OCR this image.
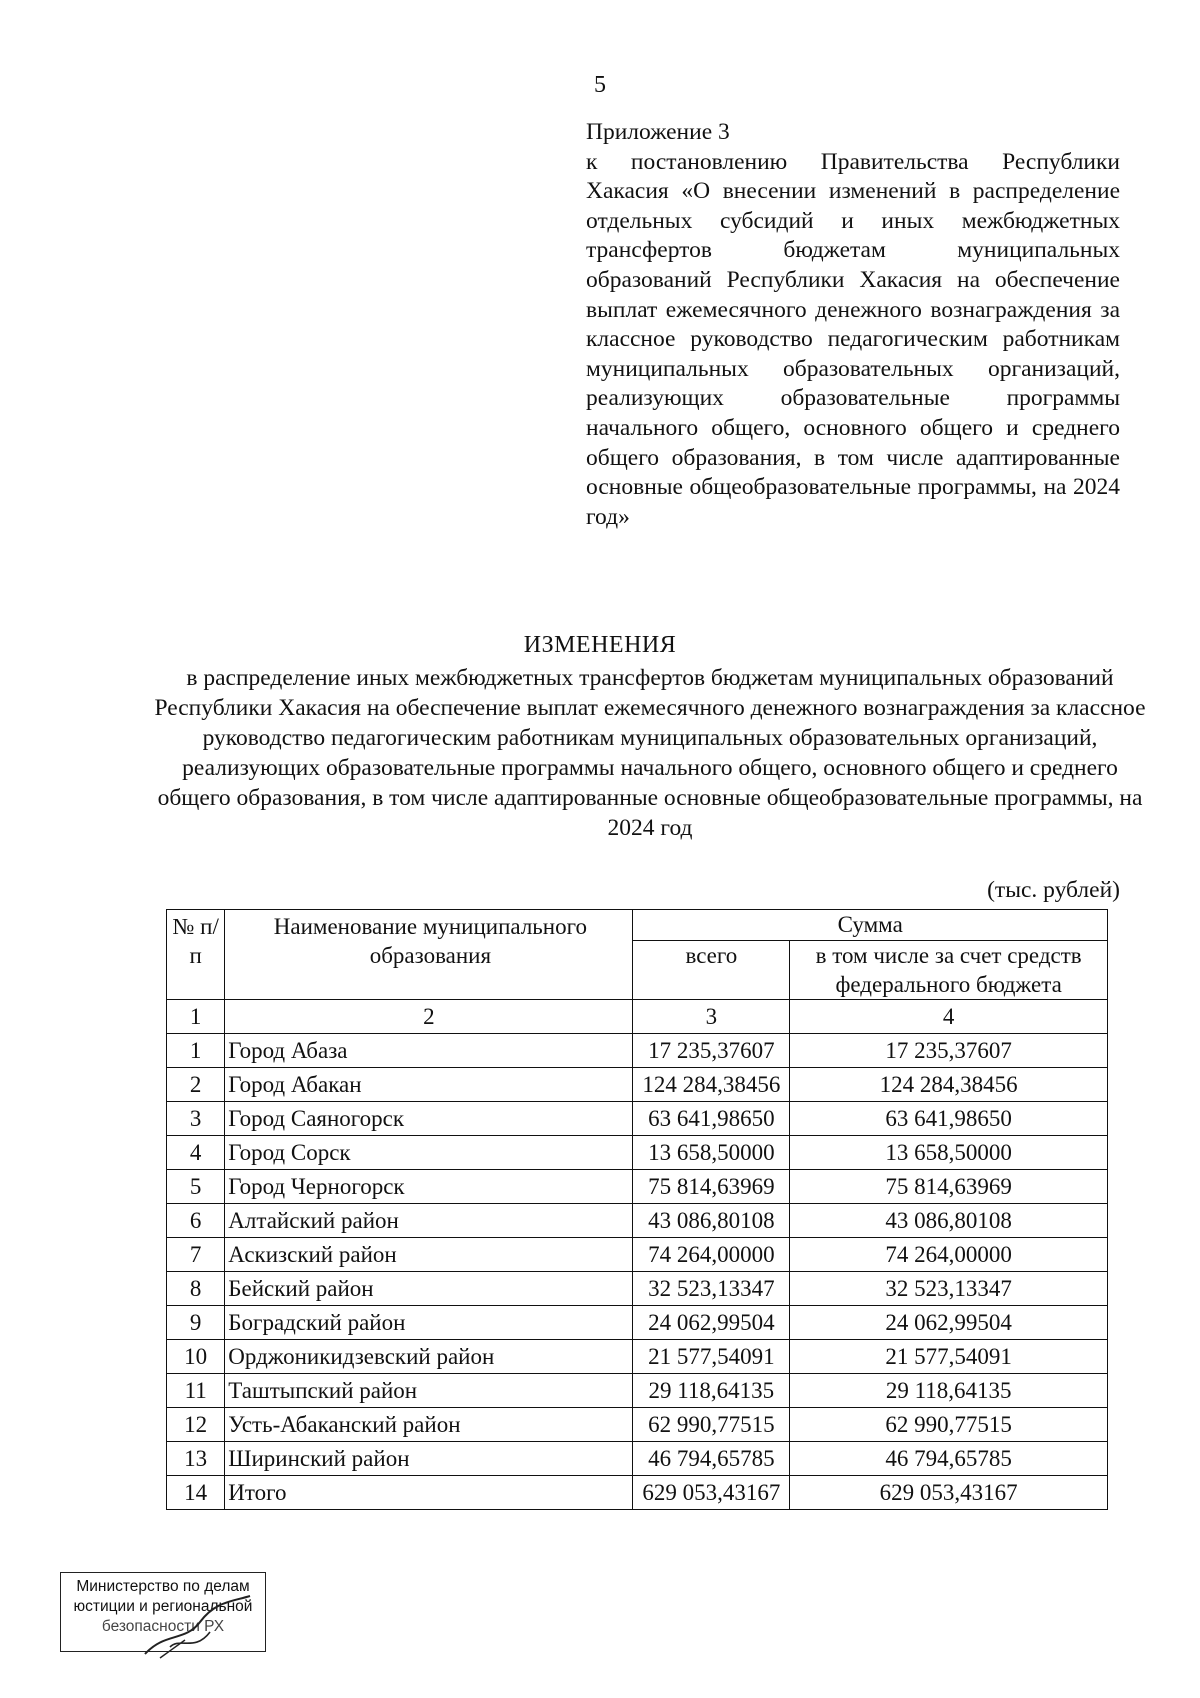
5
Приложение 3
к постановлению Правительства Республики Хакасия «О внесении изменений в распределение отдельных субсидий и иных межбюджетных трансфертов бюджетам муниципальных образований Республики Хакасия на обеспечение выплат ежемесячного денежного вознаграждения за классное руководство педагогическим работникам муниципальных образовательных организаций, реализующих образовательные программы начального общего, основного общего и среднего общего образования, в том числе адаптированные основные общеобразовательные программы, на 2024 год»
ИЗМЕНЕНИЯ
в распределение иных межбюджетных трансфертов бюджетам муниципальных образований Республики Хакасия на обеспечение выплат ежемесячного денежного вознаграждения за классное руководство педагогическим работникам муниципальных образовательных организаций, реализующих образовательные программы начального общего, основного общего и среднего общего образования, в том числе адаптированные основные общеобразовательные программы, на 2024 год
(тыс. рублей)
№ п/п	Наименование муниципального образования	Сумма	
		всего	в том числе за счет средств федерального бюджета
1	2	3	4
1	Город Абаза	17 235,37607	17 235,37607
2	Город Абакан	124 284,38456	124 284,38456
3	Город Саяногорск	63 641,98650	63 641,98650
4	Город Сорск	13 658,50000	13 658,50000
5	Город Черногорск	75 814,63969	75 814,63969
6	Алтайский район	43 086,80108	43 086,80108
7	Аскизский район	74 264,00000	74 264,00000
8	Бейский район	32 523,13347	32 523,13347
9	Боградский район	24 062,99504	24 062,99504
10	Орджоникидзевский район	21 577,54091	21 577,54091
11	Таштыпский район	29 118,64135	29 118,64135
12	Усть-Абаканский район	62 990,77515	62 990,77515
13	Ширинский район	46 794,65785	46 794,65785
14	Итого	629 053,43167	629 053,43167
Министерство по делам
юстиции и региональной
безопасности РХ
